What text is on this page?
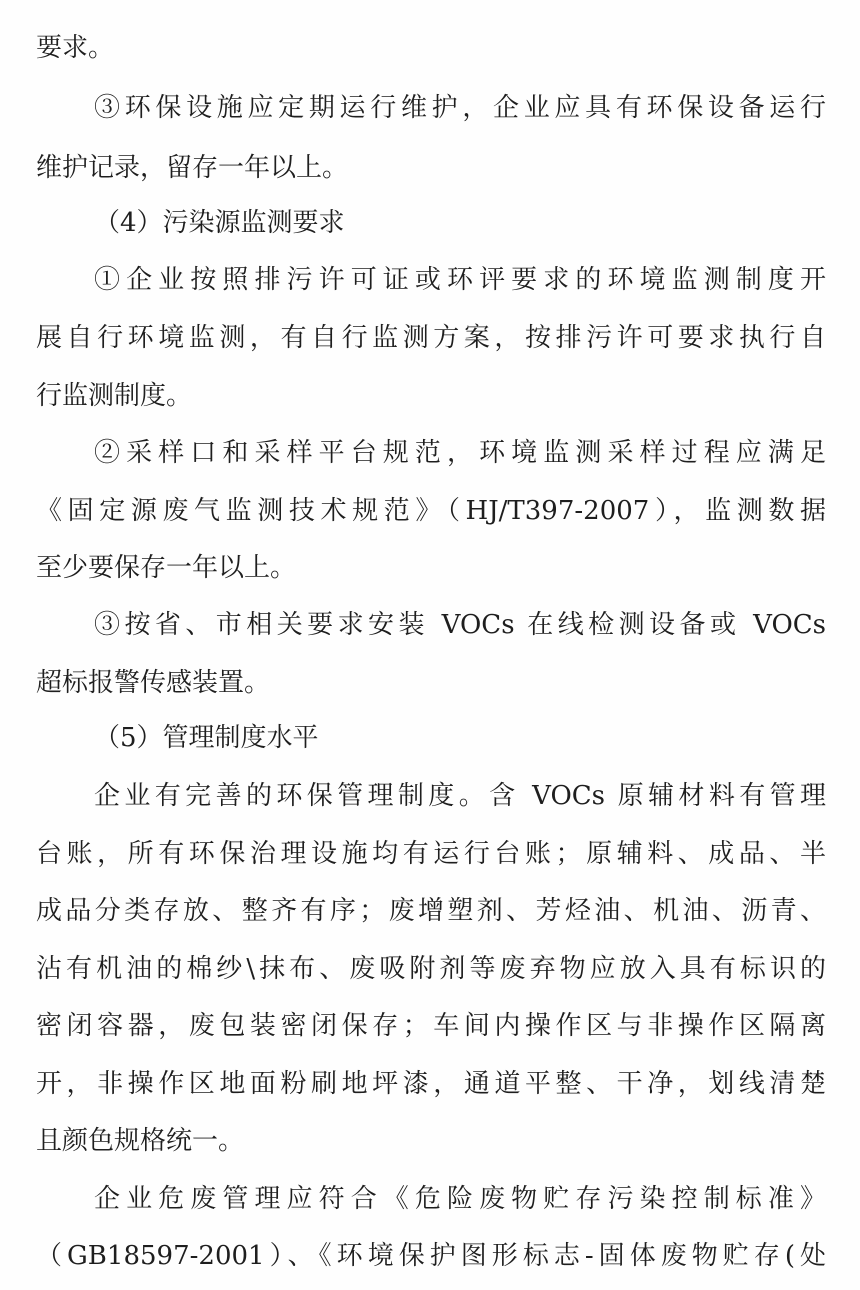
要求。
③环保设施应定期运行维护，企业应具有环保设备运行
维护记录，留存一年以上。
（4）污染源监测要求
①企业按照排污许可证或环评要求的环境监测制度开
展自行环境监测，有自行监测方案，按排污许可要求执行自
行监测制度。
②采样口和采样平台规范，环境监测采样过程应满足
《固定源废气监测技术规范》（HJ/T397-2007），监测数据
至少要保存一年以上。
③按省、市相关要求安装 VOCs 在线检测设备或 VOCs
超标报警传感装置。
（5）管理制度水平
企业有完善的环保管理制度。含 VOCs 原辅材料有管理
台账，所有环保治理设施均有运行台账；原辅料、成品、半
成品分类存放、整齐有序；废增塑剂、芳烃油、机油、沥青、
沾有机油的棉纱\抹布、废吸附剂等废弃物应放入具有标识的
密闭容器，废包装密闭保存；车间内操作区与非操作区隔离
开，非操作区地面粉刷地坪漆，通道平整、干净，划线清楚
且颜色规格统一。
企业危废管理应符合《危险废物贮存污染控制标准》
（GB18597-2001）、《环境保护图形标志-固体废物贮存(处
